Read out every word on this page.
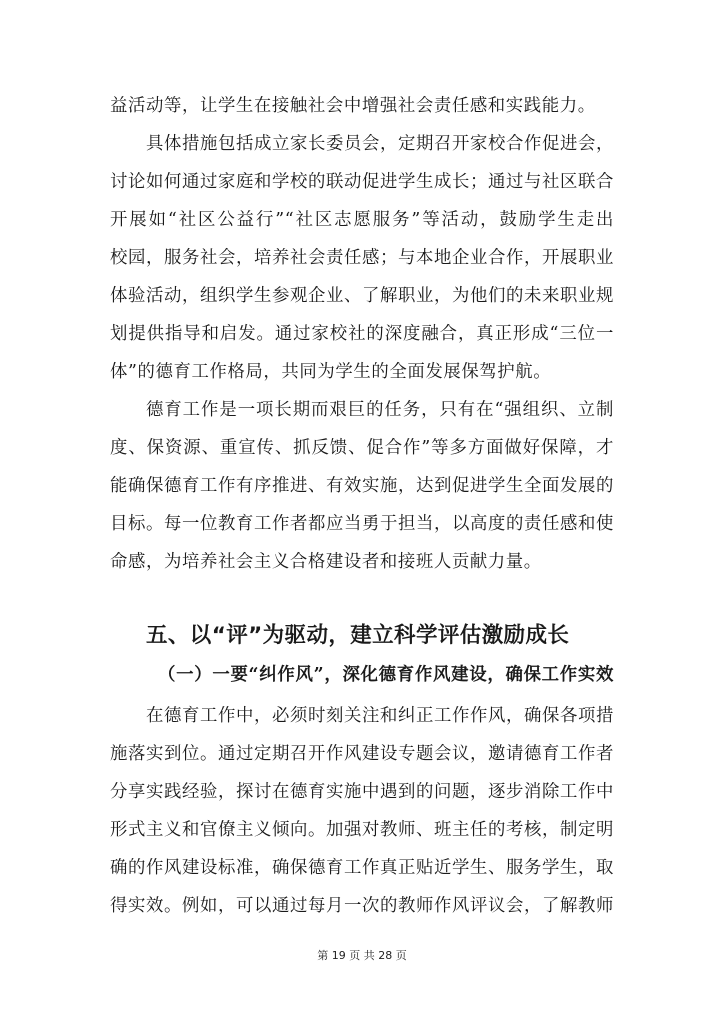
益活动等，让学生在接触社会中增强社会责任感和实践能力。
具体措施包括成立家长委员会，定期召开家校合作促进会，
讨论如何通过家庭和学校的联动促进学生成长；通过与社区联合
开展如“社区公益行”“社区志愿服务”等活动，鼓励学生走出
校园，服务社会，培养社会责任感；与本地企业合作，开展职业
体验活动，组织学生参观企业、了解职业，为他们的未来职业规
划提供指导和启发。通过家校社的深度融合，真正形成“三位一
体”的德育工作格局，共同为学生的全面发展保驾护航。
德育工作是一项长期而艰巨的任务，只有在“强组织、立制
度、保资源、重宣传、抓反馈、促合作”等多方面做好保障，才
能确保德育工作有序推进、有效实施，达到促进学生全面发展的
目标。每一位教育工作者都应当勇于担当，以高度的责任感和使
命感，为培养社会主义合格建设者和接班人贡献力量。
五、以“评”为驱动，建立科学评估激励成长
（一）一要“纠作风”，深化德育作风建设，确保工作实效
在德育工作中，必须时刻关注和纠正工作作风，确保各项措
施落实到位。通过定期召开作风建设专题会议，邀请德育工作者
分享实践经验，探讨在德育实施中遇到的问题，逐步消除工作中
形式主义和官僚主义倾向。加强对教师、班主任的考核，制定明
确的作风建设标准，确保德育工作真正贴近学生、服务学生，取
得实效。例如，可以通过每月一次的教师作风评议会，了解教师
第 19 页 共 28 页
